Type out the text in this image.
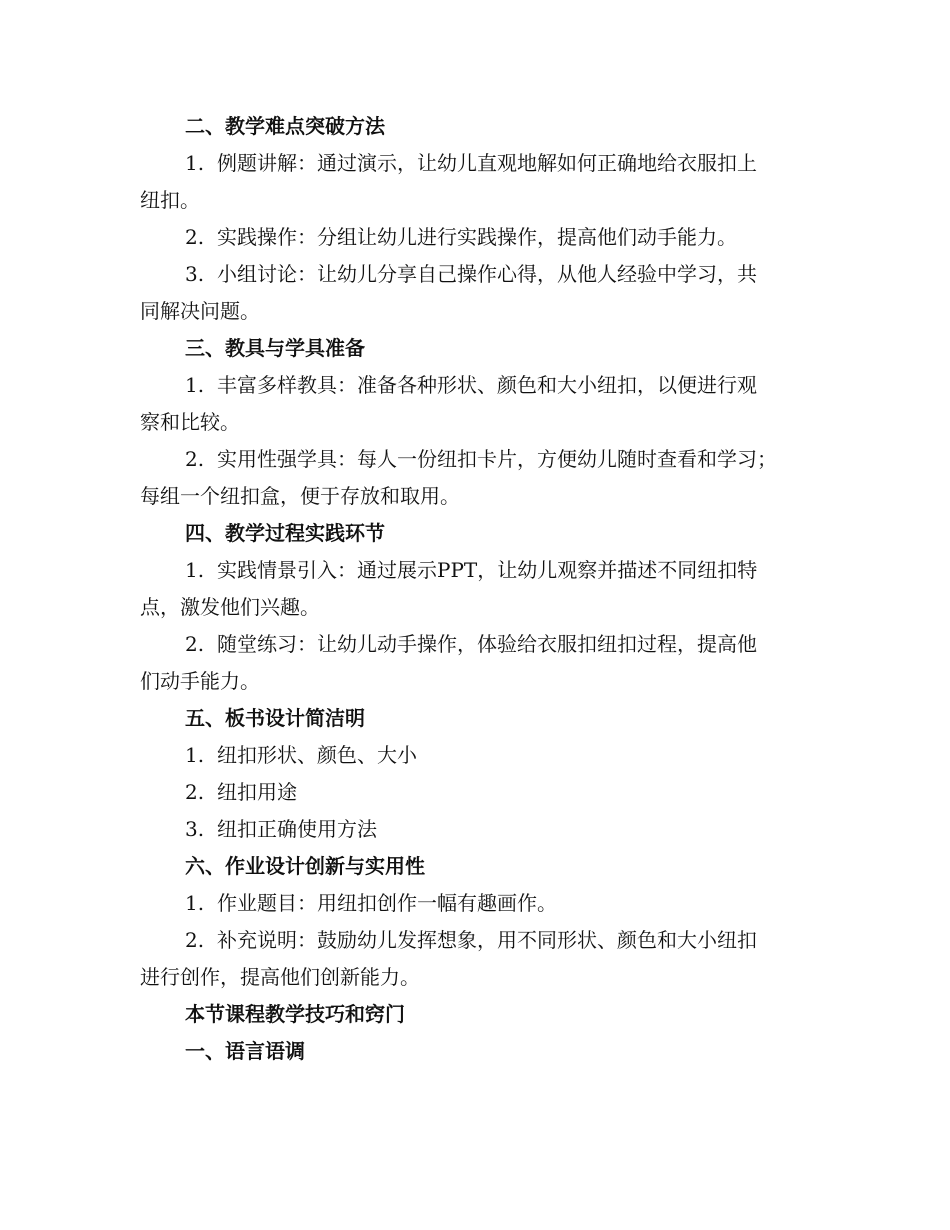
二、教学难点突破方法
1. 例题讲解：通过演示，让幼儿直观地解如何正确地给衣服扣上
纽扣。
2. 实践操作：分组让幼儿进行实践操作，提高他们动手能力。
3. 小组讨论：让幼儿分享自己操作心得，从他人经验中学习，共
同解决问题。
三、教具与学具准备
1. 丰富多样教具：准备各种形状、颜色和大小纽扣，以便进行观
察和比较。
2. 实用性强学具：每人一份纽扣卡片，方便幼儿随时查看和学习；
每组一个纽扣盒，便于存放和取用。
四、教学过程实践环节
1. 实践情景引入：通过展示PPT，让幼儿观察并描述不同纽扣特
点，激发他们兴趣。
2. 随堂练习：让幼儿动手操作，体验给衣服扣纽扣过程，提高他
们动手能力。
五、板书设计简洁明
1. 纽扣形状、颜色、大小
2. 纽扣用途
3. 纽扣正确使用方法
六、作业设计创新与实用性
1. 作业题目：用纽扣创作一幅有趣画作。
2. 补充说明：鼓励幼儿发挥想象，用不同形状、颜色和大小纽扣
进行创作，提高他们创新能力。
本节课程教学技巧和窍门
一、语言语调
